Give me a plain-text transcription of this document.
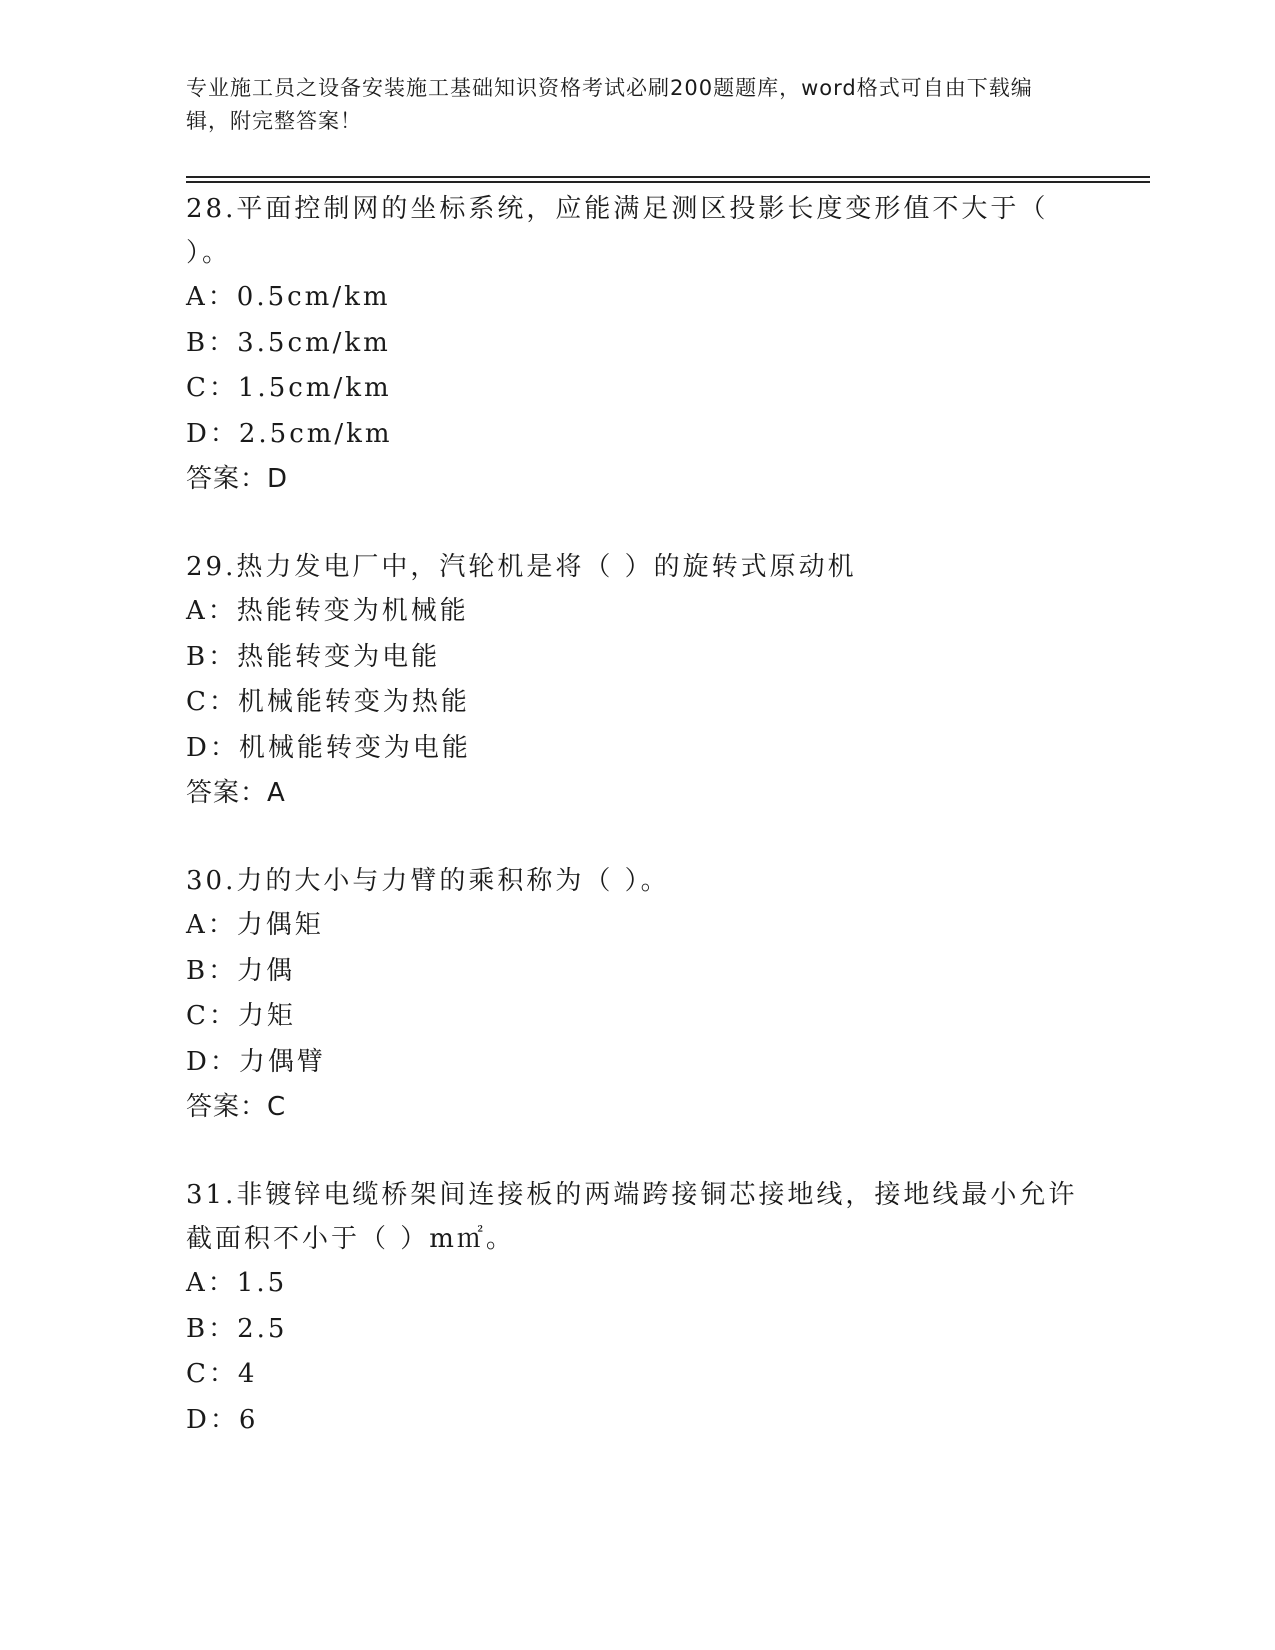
专业施工员之设备安装施工基础知识资格考试必刷200题题库，word格式可自由下载编辑，附完整答案！

28.平面控制网的坐标系统，应能满足测区投影长度变形值不大于（ ）。

A：0.5cm/km

B：3.5cm/km

C：1.5cm/km

D：2.5cm/km

答案：D

29.热力发电厂中，汽轮机是将（ ）的旋转式原动机

A：热能转变为机械能

B：热能转变为电能

C：机械能转变为热能

D：机械能转变为电能

答案：A

30.力的大小与力臂的乘积称为（ ）。

A：力偶矩

B：力偶

C：力矩

D：力偶臂

答案：C

31.非镀锌电缆桥架间连接板的两端跨接铜芯接地线，接地线最小允许截面积不小于（ ）m㎡。

A：1.5

B：2.5

C：4

D：6
